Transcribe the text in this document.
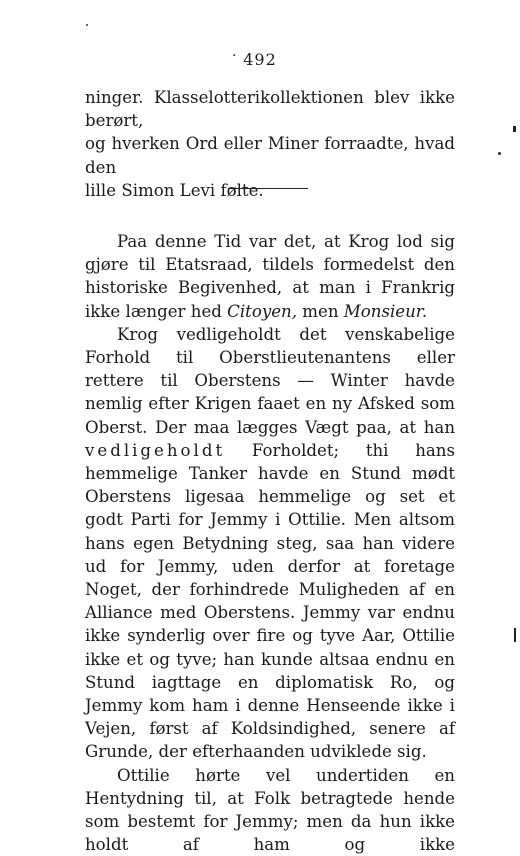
· 492

ninger. Klasselotterikollektionen blev ikke berørt,

og hverken Ord eller Miner forraadte, hvad den

lille Simon Levi følte.

Paa denne Tid var det, at Krog lod sig gjøre til Etatsraad, tildels formedelst den historiske Begivenhed, at man i Frankrig ikke længer hed Citoyen, men Monsieur.

Krog vedligeholdt det venskabelige Forhold til Oberstlieutenantens eller rettere til Oberstens — Winter havde nemlig efter Krigen faaet en ny Afsked som Oberst. Der maa lægges Vægt paa, at han vedligeholdt Forholdet; thi hans hemmelige Tanker havde en Stund mødt Oberstens ligesaa hemmelige og set et godt Parti for Jemmy i Ottilie. Men altsom hans egen Betydning steg, saa han videre ud for Jemmy, uden derfor at foretage Noget, der forhindrede Muligheden af en Alliance med Oberstens. Jemmy var endnu ikke synderlig over fire og tyve Aar, Ottilie ikke et og tyve; han kunde altsaa endnu en Stund iagttage en diplomatisk Ro, og Jemmy kom ham i denne Henseende ikke i Vejen, først af Koldsindighed, senere af Grunde, der efterhaanden udviklede sig.

Ottilie hørte vel undertiden en Hentydning til, at Folk betragtede hende som bestemt for Jemmy; men da hun ikke holdt af ham og ikke
